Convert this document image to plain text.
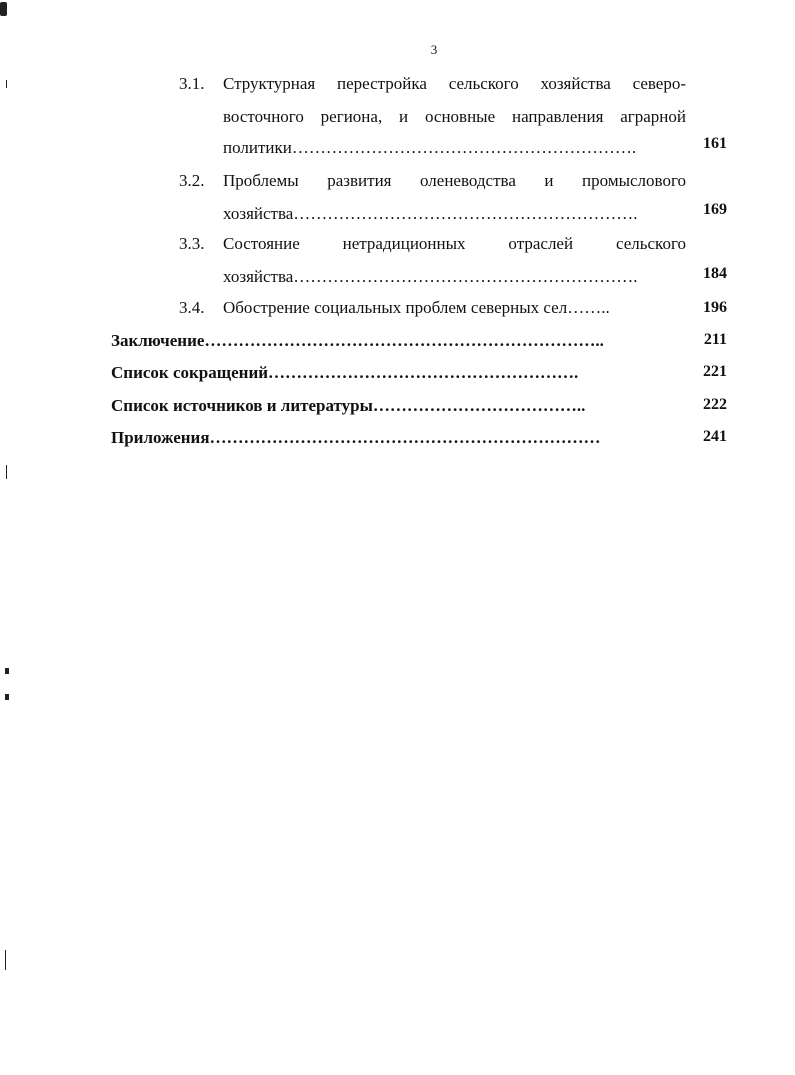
3
3.1. Структурная перестройка сельского хозяйства северо-
восточного региона, и основные направления аграрной
политики…………………………………………………….	161
3.2. Проблемы развития оленеводства и промыслового
хозяйства…………………………………………………….	169
3.3. Состояние нетрадиционных отраслей сельского
хозяйства…………………………………………………….	184
3.4. Обострение социальных проблем северных сел……..	196
Заключение……………………………………………………………..	211
Список сокращений……………………………………………….	221
Список источников и литературы………………………………..	222
Приложения……………………………………………………………	241
